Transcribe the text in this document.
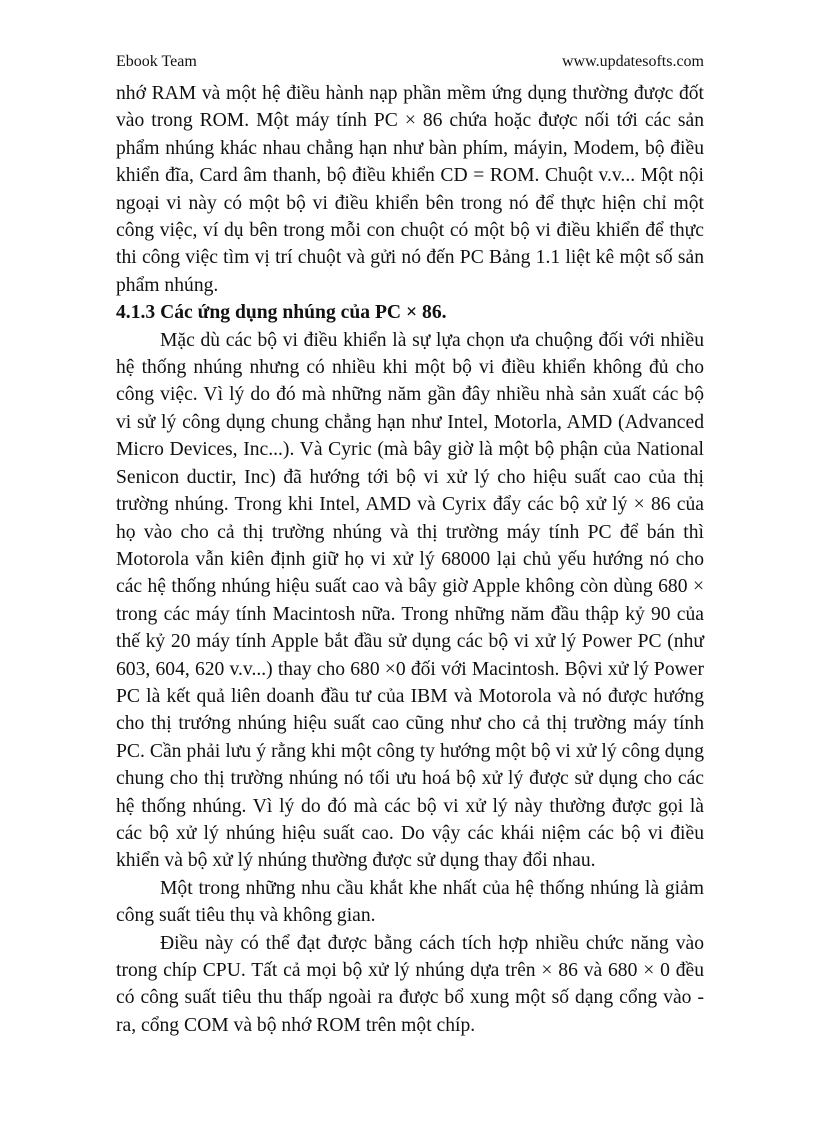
Ebook Team	www.updatesofts.com

nhớ RAM và một hệ điều hành nạp phần mềm ứng dụng thường được đốt vào trong ROM. Một máy tính PC × 86 chứa hoặc được nối tới các sản phẩm nhúng khác nhau chẳng hạn như bàn phím, máyin, Modem, bộ điều khiển đĩa, Card âm thanh, bộ điều khiển CD = ROM. Chuột v.v... Một nội ngoại vi này có một bộ vi điều khiển bên trong nó để thực hiện chỉ một công việc, ví dụ bên trong mỗi con chuột có một bộ vi điều khiển để thực thi công việc tìm vị trí chuột và gửi nó đến PC Bảng 1.1 liệt kê một số sản phẩm nhúng.

4.1.3 Các ứng dụng nhúng của PC × 86.

Mặc dù các bộ vi điều khiển là sự lựa chọn ưa chuộng đối với nhiều hệ thống nhúng nhưng có nhiều khi một bộ vi điều khiển không đủ cho công việc. Vì lý do đó mà những năm gần đây nhiều nhà sản xuất các bộ vi sử lý công dụng chung chẳng hạn như Intel, Motorla, AMD (Advanced Micro Devices, Inc...). Và Cyric (mà bây giờ là một bộ phận của National Senicon ductir, Inc) đã hướng tới bộ vi xử lý cho hiệu suất cao của thị trường nhúng. Trong khi Intel, AMD và Cyrix đẩy các bộ xử lý × 86 của họ vào cho cả thị trường nhúng và thị trường máy tính PC để bán thì Motorola vẫn kiên định giữ họ vi xử lý 68000 lại chủ yếu hướng nó cho các hệ thống nhúng hiệu suất cao và bây giờ Apple không còn dùng 680 × trong các máy tính Macintosh nữa. Trong những năm đầu thập kỷ 90 của thế kỷ 20 máy tính Apple bắt đầu sử dụng các bộ vi xử lý Power PC (như 603, 604, 620 v.v...) thay cho 680 ×0 đối với Macintosh. Bộvi xử lý Power PC là kết quả liên doanh đầu tư của IBM và Motorola và nó được hướng cho thị trướng nhúng hiệu suất cao cũng như cho cả thị trường máy tính PC. Cần phải lưu ý rằng khi một công ty hướng một bộ vi xử lý công dụng chung cho thị trường nhúng nó tối ưu hoá bộ xử lý được sử dụng cho các hệ thống nhúng. Vì lý do đó mà các bộ vi xử lý này thường được gọi là các bộ xử lý nhúng hiệu suất cao. Do vậy các khái niệm các bộ vi điều khiển và bộ xử lý nhúng thường được sử dụng thay đổi nhau.

Một trong những nhu cầu khắt khe nhất của hệ thống nhúng là giảm công suất tiêu thụ và không gian.

Điều này có thể đạt được bằng cách tích hợp nhiều chức năng vào trong chíp CPU. Tất cả mọi bộ xử lý nhúng dựa trên × 86 và 680 × 0 đều có công suất tiêu thu thấp ngoài ra được bổ xung một số dạng cổng vào - ra, cổng COM và bộ nhớ ROM trên một chíp.
